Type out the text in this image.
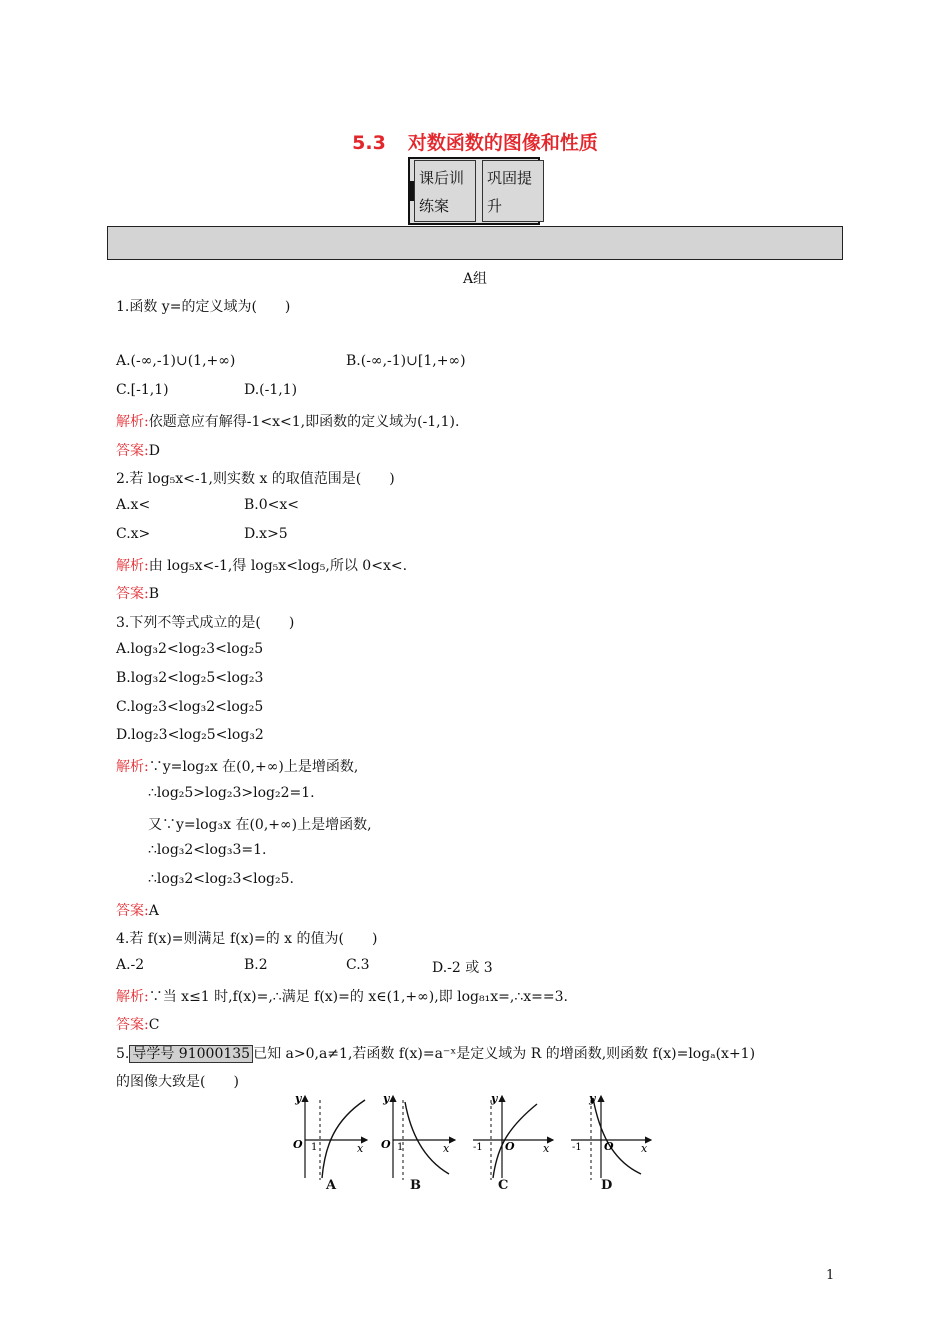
5.3 对数函数的图像和性质
课后训练案
巩固提升
A组
1.函数 y=的定义域为(　　)
A.(-∞,-1)∪(1,+∞)	B.(-∞,-1)∪[1,+∞)
C.[-1,1)	D.(-1,1)
解析:依题意应有解得-1<x<1,即函数的定义域为(-1,1).
答案:D
2.若 log₅x<-1,则实数 x 的取值范围是(　　)
A.x<	B.0<x<
C.x>	D.x>5
解析:由 log₅x<-1,得 log₅x<log₅,所以 0<x<.
答案:B
3.下列不等式成立的是(　　)
A.log₃2<log₂3<log₂5
B.log₃2<log₂5<log₂3
C.log₂3<log₃2<log₂5
D.log₂3<log₂5<log₃2
解析:∵y=log₂x 在(0,+∞)上是增函数,
∴log₂5>log₂3>log₂2=1.
又∵y=log₃x 在(0,+∞)上是增函数,
∴log₃2<log₃3=1.
∴log₃2<log₂3<log₂5.
答案:A
4.若 f(x)=则满足 f(x)=的 x 的值为(　　)
A.-2	B.2	C.3	D.-2 或 3
解析:∵当 x≤1 时,f(x)=,∴满足 f(x)=的 x∈(1,+∞),即 log₈₁x=,∴x==3.
答案:C
5. 导学号 91000135 已知 a>0,a≠1,若函数 f(x)=a⁻ˣ是定义域为 R 的增函数,则函数 f(x)=logₐ(x+1)
的图像大致是(　　)
O 1	x
y
O 1	x
y
-1 O	x
y
-1 O x
y
A	B	C	D
1
